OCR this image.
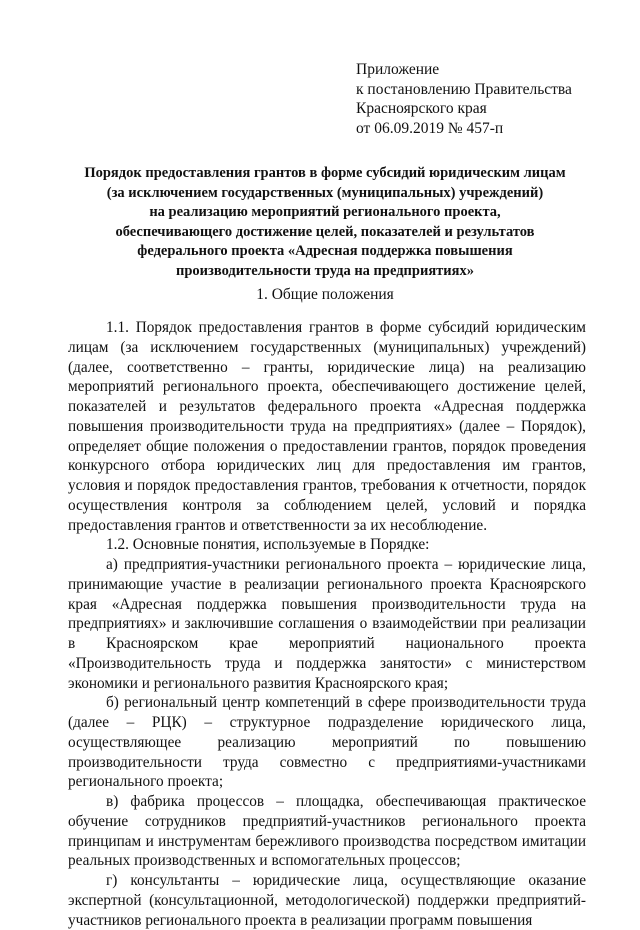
Приложение
к постановлению Правительства
Красноярского края
от 06.09.2019 № 457-п
Порядок предоставления грантов в форме субсидий юридическим лицам
(за исключением государственных (муниципальных) учреждений)
на реализацию мероприятий регионального проекта,
обеспечивающего достижение целей, показателей и результатов
федерального проекта «Адресная поддержка повышения
производительности труда на предприятиях»
1. Общие положения

1.1. Порядок предоставления грантов в форме субсидий юридическим лицам (за исключением государственных (муниципальных) учреждений) (далее, соответственно – гранты, юридические лица) на реализацию мероприятий регионального проекта, обеспечивающего достижение целей, показателей и результатов федерального проекта «Адресная поддержка повышения производительности труда на предприятиях» (далее – Порядок), определяет общие положения о предоставлении грантов, порядок проведения конкурсного отбора юридических лиц для предоставления им грантов, условия и порядок предоставления грантов, требования к отчетности, порядок осуществления контроля за соблюдением целей, условий и порядка предоставления грантов и ответственности за их несоблюдение.

1.2. Основные понятия, используемые в Порядке:

а) предприятия-участники регионального проекта – юридические лица, принимающие участие в реализации регионального проекта Красноярского края «Адресная поддержка повышения производительности труда на предприятиях» и заключившие соглашения о взаимодействии при реализации в Красноярском крае мероприятий национального проекта «Производительность труда и поддержка занятости» с министерством экономики и регионального развития Красноярского края;

б) региональный центр компетенций в сфере производительности труда (далее – РЦК) – структурное подразделение юридического лица, осуществляющее реализацию мероприятий по повышению производительности труда совместно с предприятиями-участниками регионального проекта;

в) фабрика процессов – площадка, обеспечивающая практическое обучение сотрудников предприятий-участников регионального проекта принципам и инструментам бережливого производства посредством имитации реальных производственных и вспомогательных процессов;

г) консультанты – юридические лица, осуществляющие оказание экспертной (консультационной, методологической) поддержки предприятий-участников регионального проекта в реализации программ повышения
